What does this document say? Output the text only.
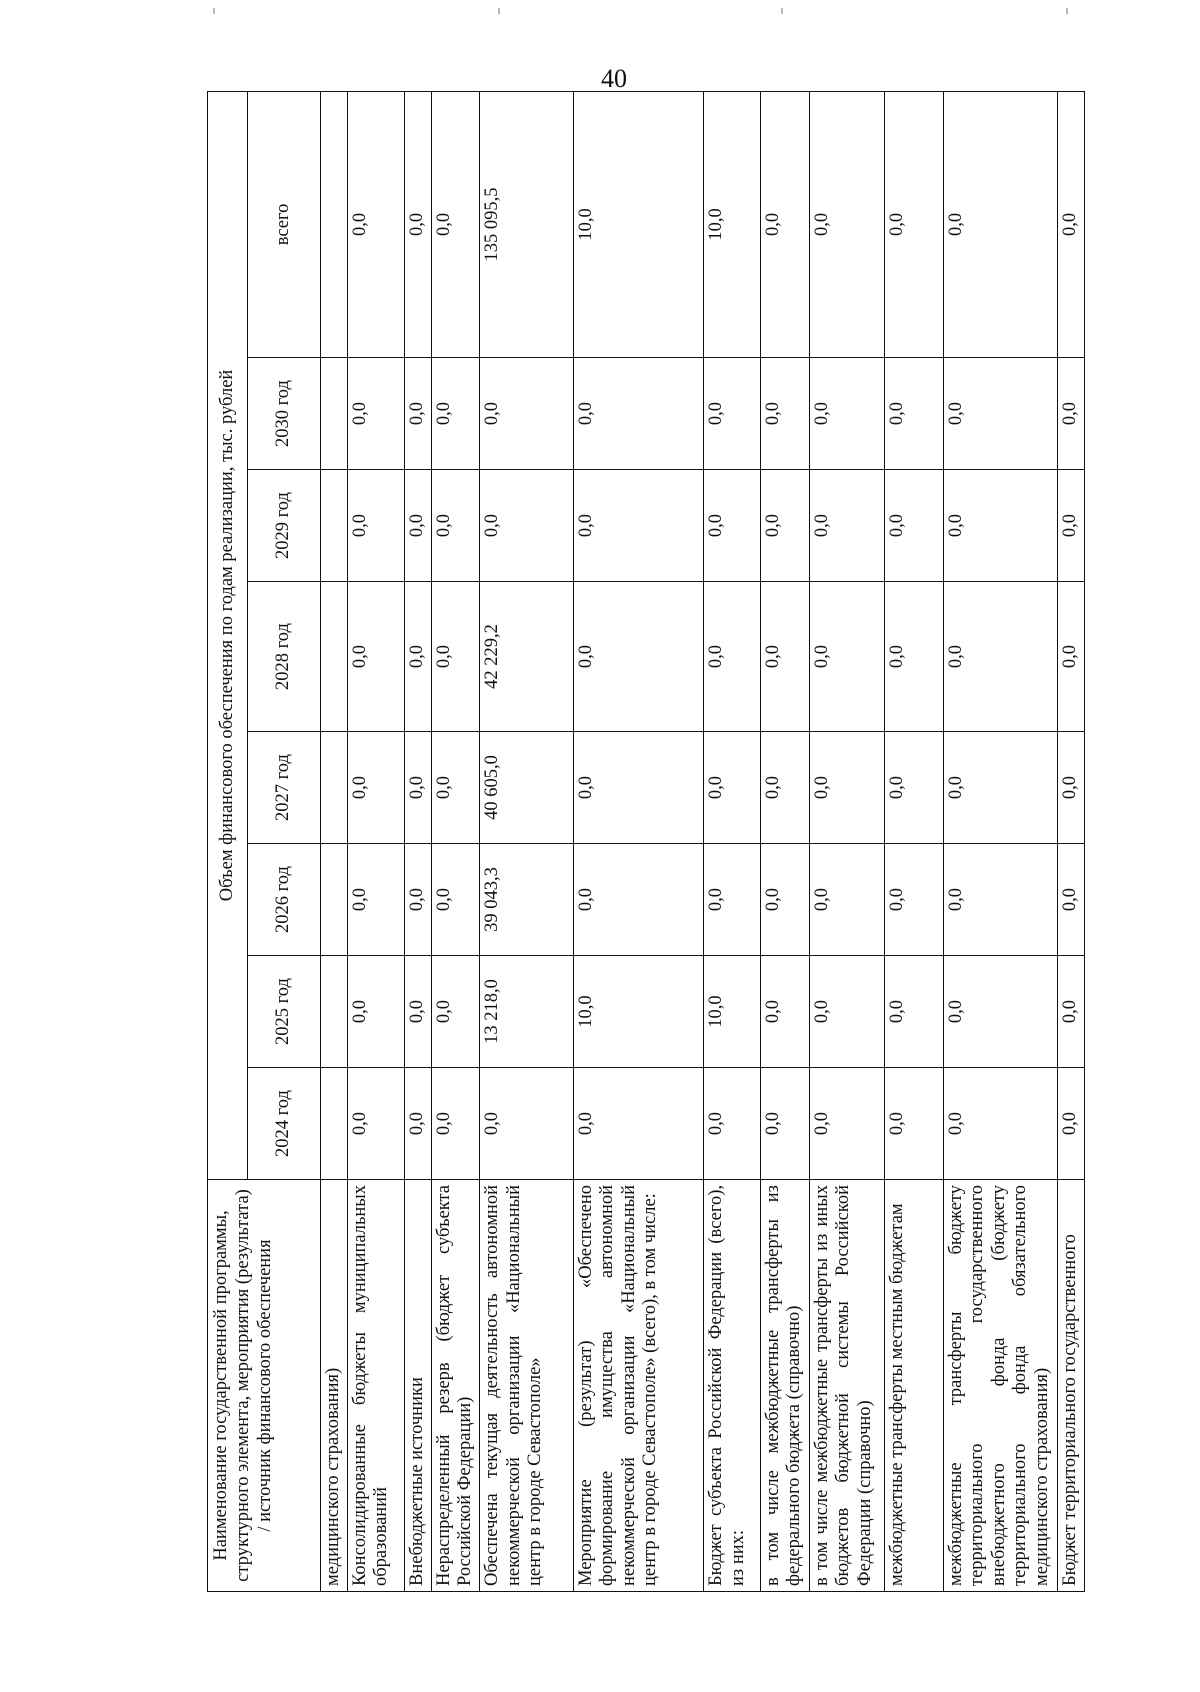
40
Наименование государственной программы, структурного элемента, мероприятия (результата) / источник финансового обеспечения	Объем финансового обеспечения по годам реализации, тыс. рублей							
	2024 год	2025 год	2026 год	2027 год	2028 год	2029 год	2030 год	всего
медицинского страхования)								
Консолидированные бюджеты муниципальных образований	0,0	0,0	0,0	0,0	0,0	0,0	0,0	0,0
Внебюджетные источники	0,0	0,0	0,0	0,0	0,0	0,0	0,0	0,0
Нераспределенный резерв (бюджет субъекта Российской Федерации)	0,0	0,0	0,0	0,0	0,0	0,0	0,0	0,0
Обеспечена текущая деятельность автономной некоммерческой организации «Национальный центр в городе Севастополе»	0,0	13 218,0	39 043,3	40 605,0	42 229,2	0,0	0,0	135 095,5
Мероприятие (результат) «Обеспечено формирование имущества автономной некоммерческой организации «Национальный центр в городе Севастополе» (всего), в том числе:	0,0	10,0	0,0	0,0	0,0	0,0	0,0	10,0
Бюджет субъекта Российской Федерации (всего), из них:	0,0	10,0	0,0	0,0	0,0	0,0	0,0	10,0
в том числе межбюджетные трансферты из федерального бюджета (справочно)	0,0	0,0	0,0	0,0	0,0	0,0	0,0	0,0
в том числе межбюджетные трансферты из иных бюджетов бюджетной системы Российской Федерации (справочно)	0,0	0,0	0,0	0,0	0,0	0,0	0,0	0,0
межбюджетные трансферты местным бюджетам	0,0	0,0	0,0	0,0	0,0	0,0	0,0	0,0
межбюджетные трансферты бюджету территориального государственного внебюджетного фонда (бюджету территориального фонда обязательного медицинского страхования)	0,0	0,0	0,0	0,0	0,0	0,0	0,0	0,0
Бюджет территориального государственного	0,0	0,0	0,0	0,0	0,0	0,0	0,0	0,0
